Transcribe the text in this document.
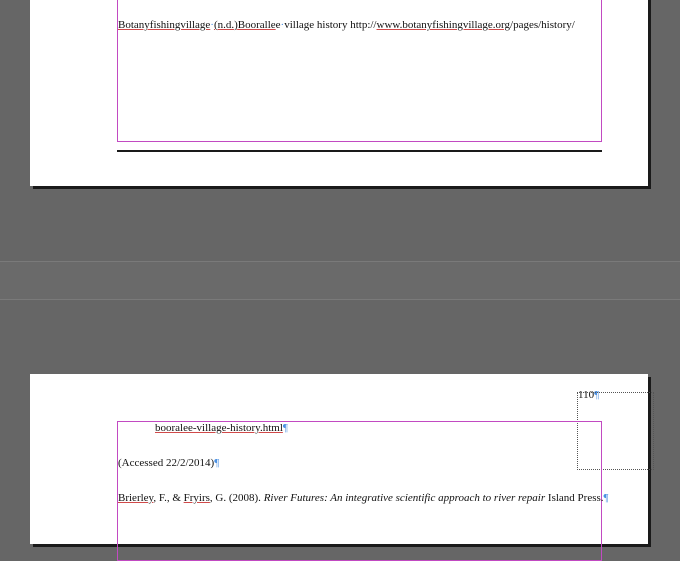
Botanyfishingvillage·(n.d.)Boorallee·village history http://www.botanyfishingvillage.org/pages/history/
110¶
booralee-village-history.html¶
(Accessed 22/2/2014)¶
Brierley, F., & Fryirs, G. (2008). River Futures: An integrative scientific approach to river repair Island Press.¶
